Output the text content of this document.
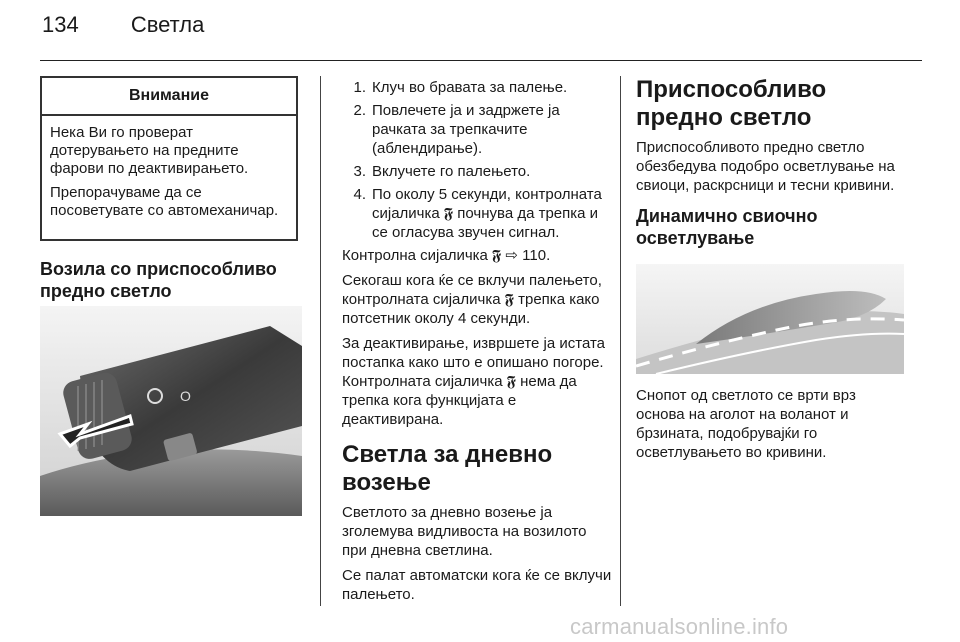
134 Светла
Внимание

Нека Ви го проверат дотерувањето на предните фарови по деактивирањето.

Препорачуваме да се посоветувате со автомеханичар.

Возила со приспособливо предно светло
O
1. Клуч во бравата за палење.
2. Повлечете ја и задржете ја рачката за трепкачите (аблендирање).
3. Вклучете го палењето.
4. По околу 5 секунди, контролната сијаличка 𝕱 почнува да трепка и се огласува звучен сигнал.

Контролна сијаличка 𝕱 ⇨ 110.

Секогаш кога ќе се вклучи палењето, контролната сијаличка 𝕱 трепка како потсетник околу 4 секунди.

За деактивирање, извршете ја истата постапка како што е опишано погоре. Контролната сијаличка 𝕱 нема да трепка кога функцијата е деактивирана.

Светла за дневно возење

Светлото за дневно возење ја зголемува видливоста на возилото при дневна светлина.

Се палат автоматски кога ќе се вклучи палењето.

Приспособливо предно светло

Приспособливото предно светло обезбедува подобро осветлување на свиоци, раскрсници и тесни кривини.

Динамично свиочно осветлување

Снопот од светлото се врти врз основа на аголот на воланот и брзината, подобрувајќи го осветлувањето во кривини.

carmanualsonline.info
